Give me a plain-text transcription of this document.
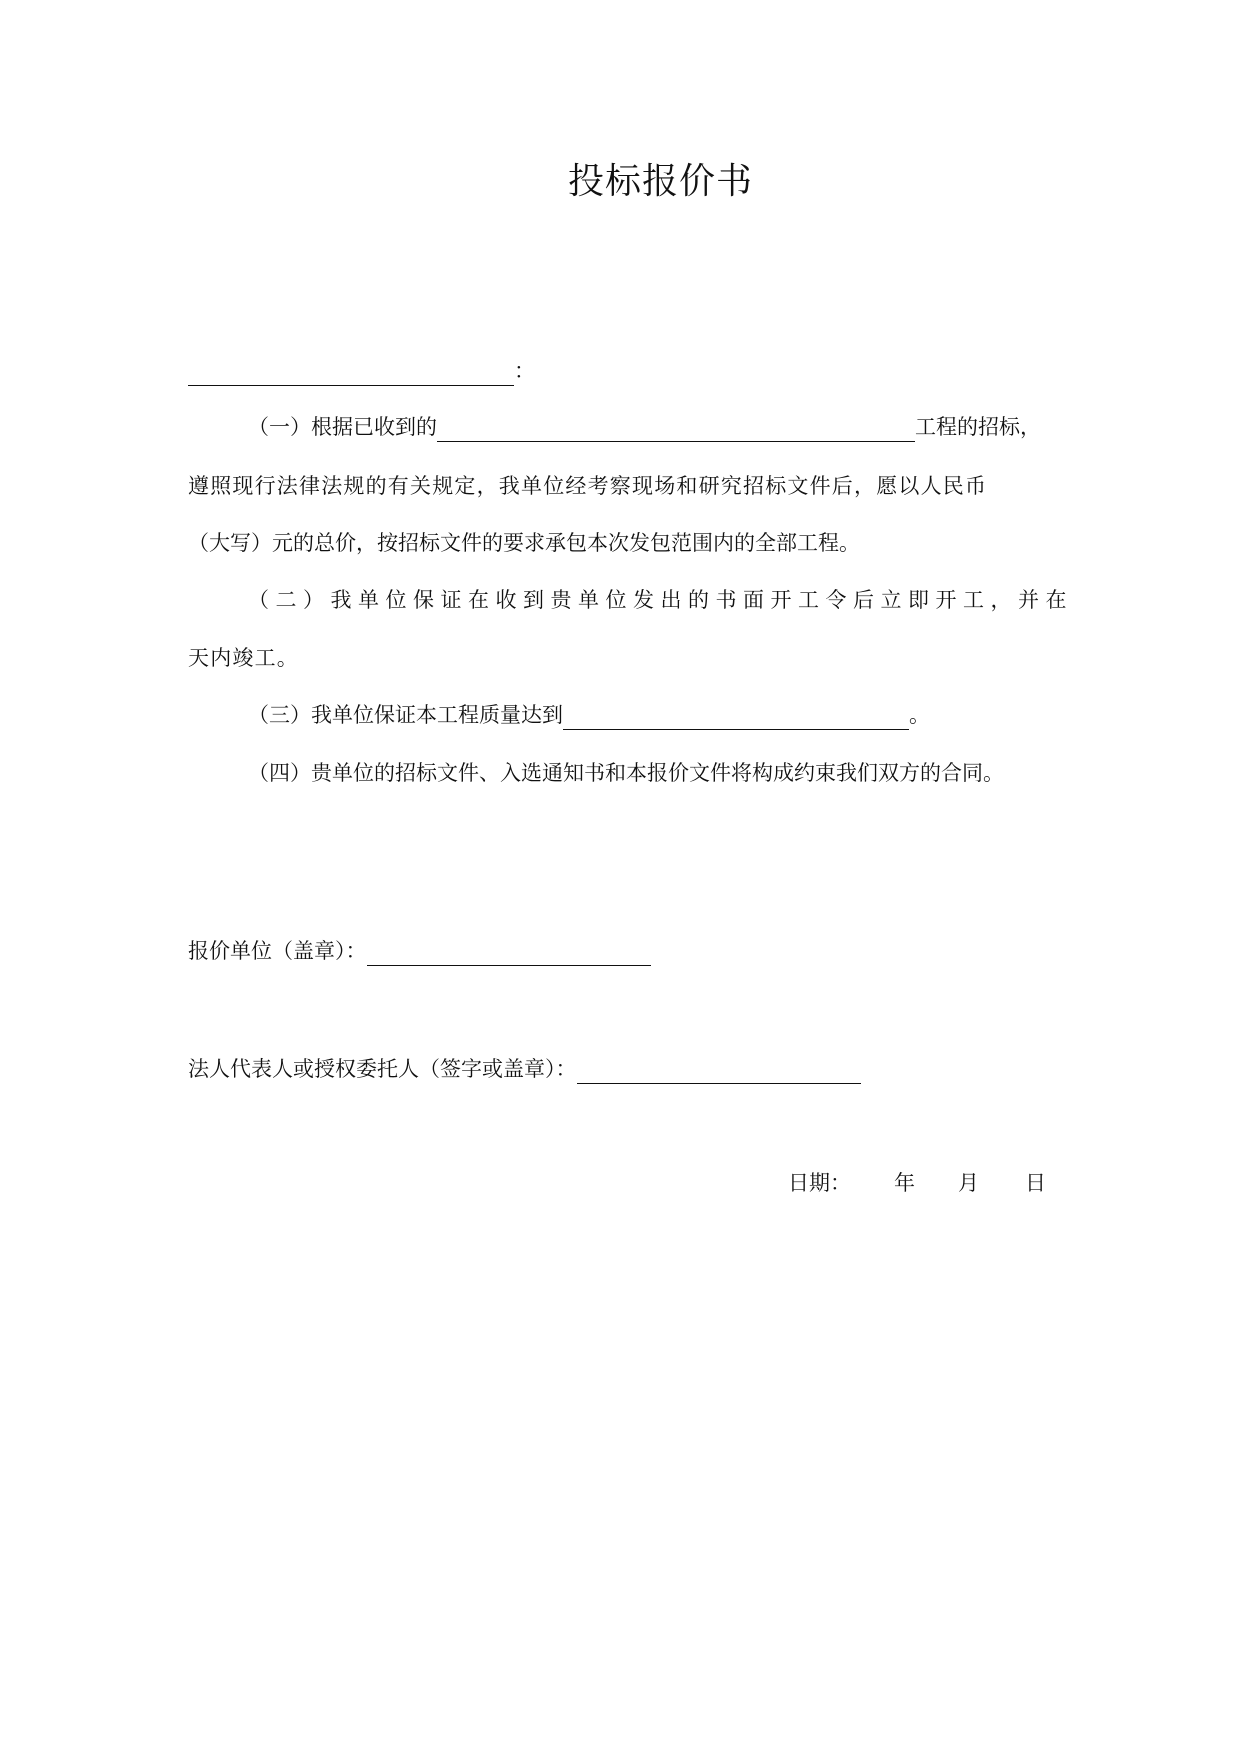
投标报价书
：
（一）根据已收到的	工程的招标，
遵照现行法律法规的有关规定，我单位经考察现场和研究招标文件后，愿以人民币
（大写）元的总价，按招标文件的要求承包本次发包范围内的全部工程。
（二）我单位保证在收到贵单位发出的书面开工令后立即开工，并在
天内竣工。
（三）我单位保证本工程质量达到	。
（四）贵单位的招标文件、入选通知书和本报价文件将构成约束我们双方的合同。
报价单位（盖章）：
法人代表人或授权委托人（签字或盖章）：
日期： 年 月 日
